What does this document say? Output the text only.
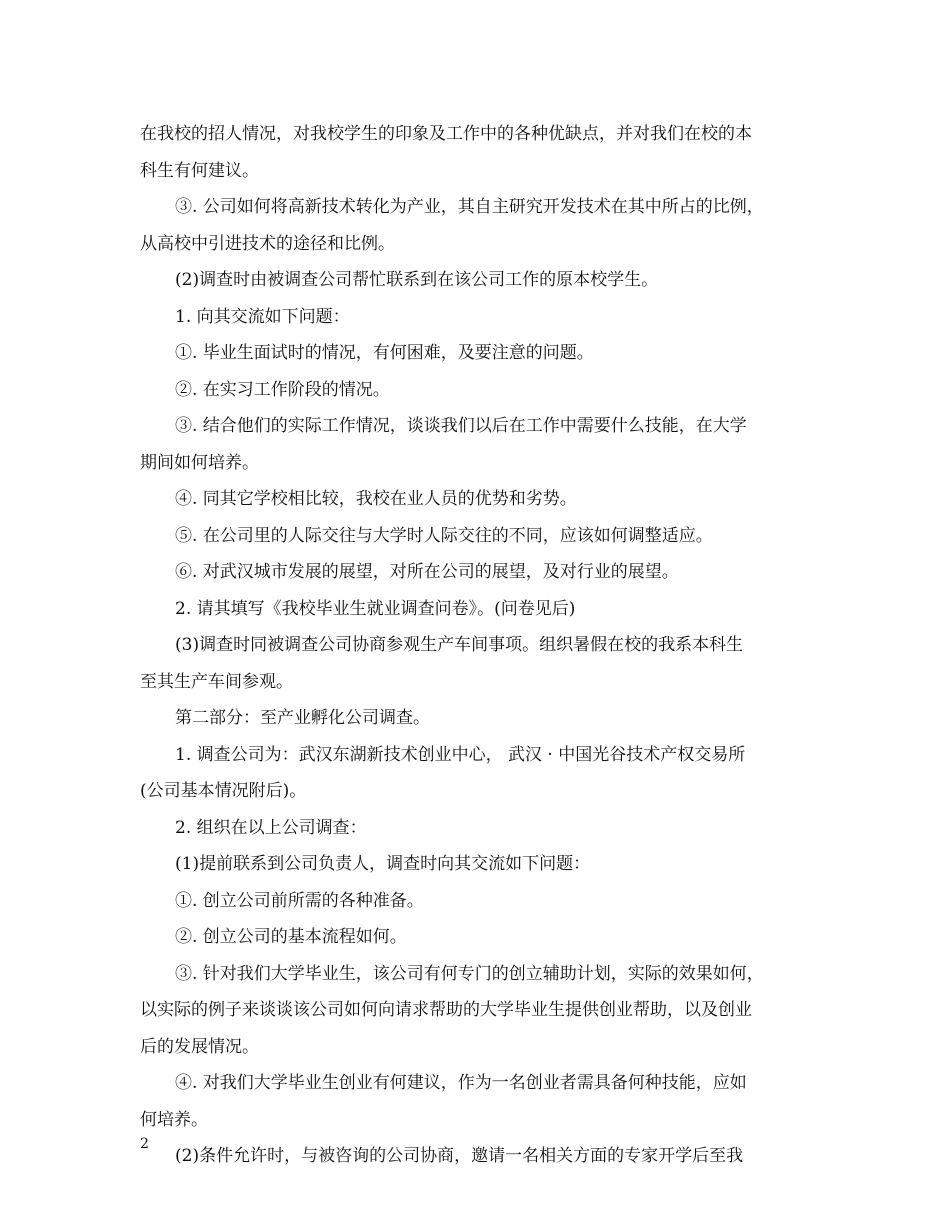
在我校的招人情况，对我校学生的印象及工作中的各种优缺点，并对我们在校的本
科生有何建议。
③. 公司如何将高新技术转化为产业，其自主研究开发技术在其中所占的比例，
从高校中引进技术的途径和比例。
(2)调查时由被调查公司帮忙联系到在该公司工作的原本校学生。
1. 向其交流如下问题：
①. 毕业生面试时的情况，有何困难，及要注意的问题。
②. 在实习工作阶段的情况。
③. 结合他们的实际工作情况，谈谈我们以后在工作中需要什么技能，在大学
期间如何培养。
④. 同其它学校相比较，我校在业人员的优势和劣势。
⑤. 在公司里的人际交往与大学时人际交往的不同，应该如何调整适应。
⑥. 对武汉城市发展的展望，对所在公司的展望，及对行业的展望。
2. 请其填写《我校毕业生就业调查问卷》。(问卷见后)
(3)调查时同被调查公司协商参观生产车间事项。组织暑假在校的我系本科生
至其生产车间参观。
第二部分：至产业孵化公司调查。
1. 调查公司为：武汉东湖新技术创业中心， 武汉 · 中国光谷技术产权交易所
(公司基本情况附后)。
2. 组织在以上公司调查：
(1)提前联系到公司负责人，调查时向其交流如下问题：
①. 创立公司前所需的各种准备。
②. 创立公司的基本流程如何。
③. 针对我们大学毕业生，该公司有何专门的创立辅助计划，实际的效果如何，
以实际的例子来谈谈该公司如何向请求帮助的大学毕业生提供创业帮助，以及创业
后的发展情况。
④. 对我们大学毕业生创业有何建议，作为一名创业者需具备何种技能，应如
何培养。
(2)条件允许时，与被咨询的公司协商，邀请一名相关方面的专家开学后至我
2
